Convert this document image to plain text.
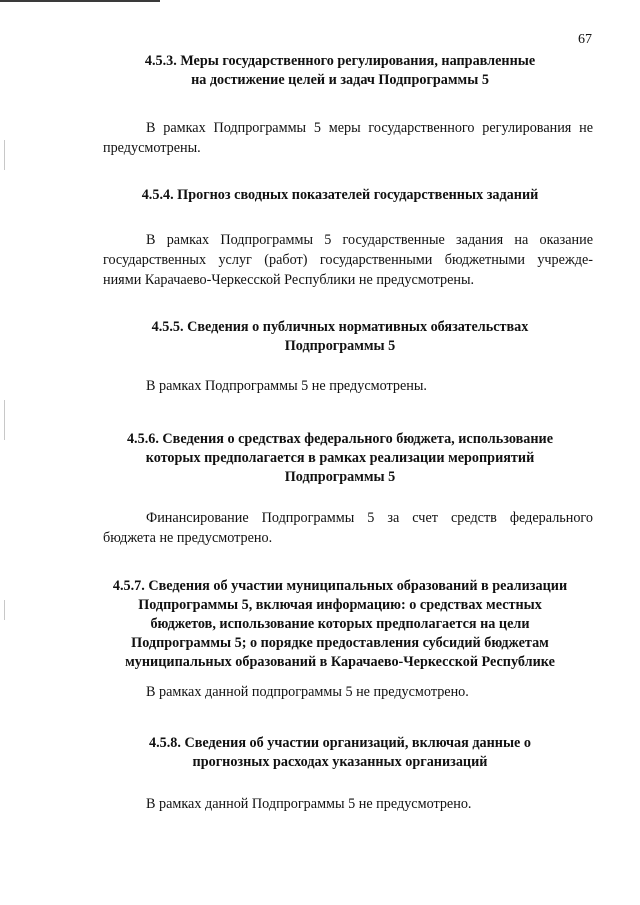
67
4.5.3. Меры государственного регулирования, направленные
на достижение целей и задач Подпрограммы 5
В рамках Подпрограммы 5 меры государственного регулирования не
предусмотрены.
4.5.4. Прогноз сводных показателей государственных заданий
В рамках Подпрограммы 5 государственные задания на оказание
государственных услуг (работ) государственными бюджетными учрежде-
ниями Карачаево-Черкесской Республики не предусмотрены.
4.5.5. Сведения о публичных нормативных обязательствах
Подпрограммы 5
В рамках Подпрограммы 5 не предусмотрены.
4.5.6. Сведения о средствах федерального бюджета, использование
которых предполагается в рамках реализации мероприятий
Подпрограммы 5
Финансирование Подпрограммы 5 за счет средств федерального
бюджета не предусмотрено.
4.5.7. Сведения об участии муниципальных образований в реализации
Подпрограммы 5, включая информацию: о средствах местных
бюджетов, использование которых предполагается на цели
Подпрограммы 5; о порядке предоставления субсидий бюджетам
муниципальных образований в Карачаево-Черкесской Республике
В рамках данной подпрограммы 5 не предусмотрено.
4.5.8. Сведения об участии организаций, включая данные о
прогнозных расходах указанных организаций
В рамках данной Подпрограммы 5 не предусмотрено.
